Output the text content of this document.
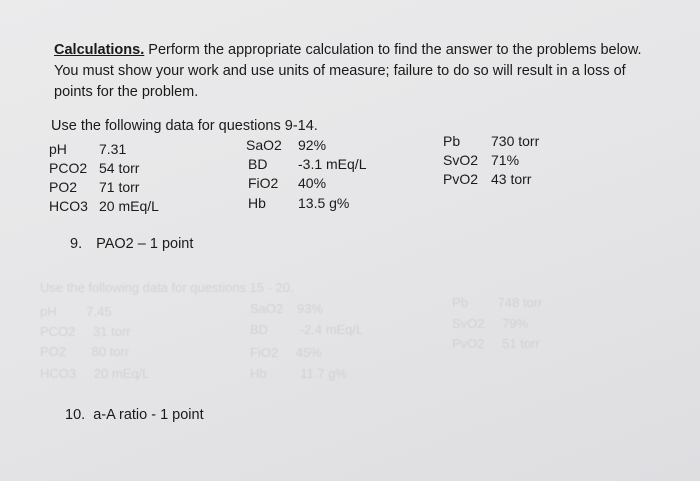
Use the following data for questions 15 - 20.
pH 7.45
PCO2 31 torr
PO2 80 torr
HCO3 20 mEq/L
SaO2 93%
BD -2.4 mEq/L
FiO2 45%
Hb	11.7 g%
Pb 748 torr
SvO2 79%
PvO2 51 torr
Calculations. Perform the appropriate calculation to find the answer to the problems below.
You must show your work and use units of measure; failure to do so will result in a loss of
points for the problem.
Use the following data for questions 9-14.
pH 7.31
PCO2 54 torr
PO2 71 torr
HCO3 20 mEq/L
SaO2 92%
BD -3.1 mEq/L
FiO2 40%
Hb 13.5 g%
Pb 730 torr
SvO2 71%
PvO2 43 torr
9. PAO2 – 1 point
10. a-A ratio - 1 point
